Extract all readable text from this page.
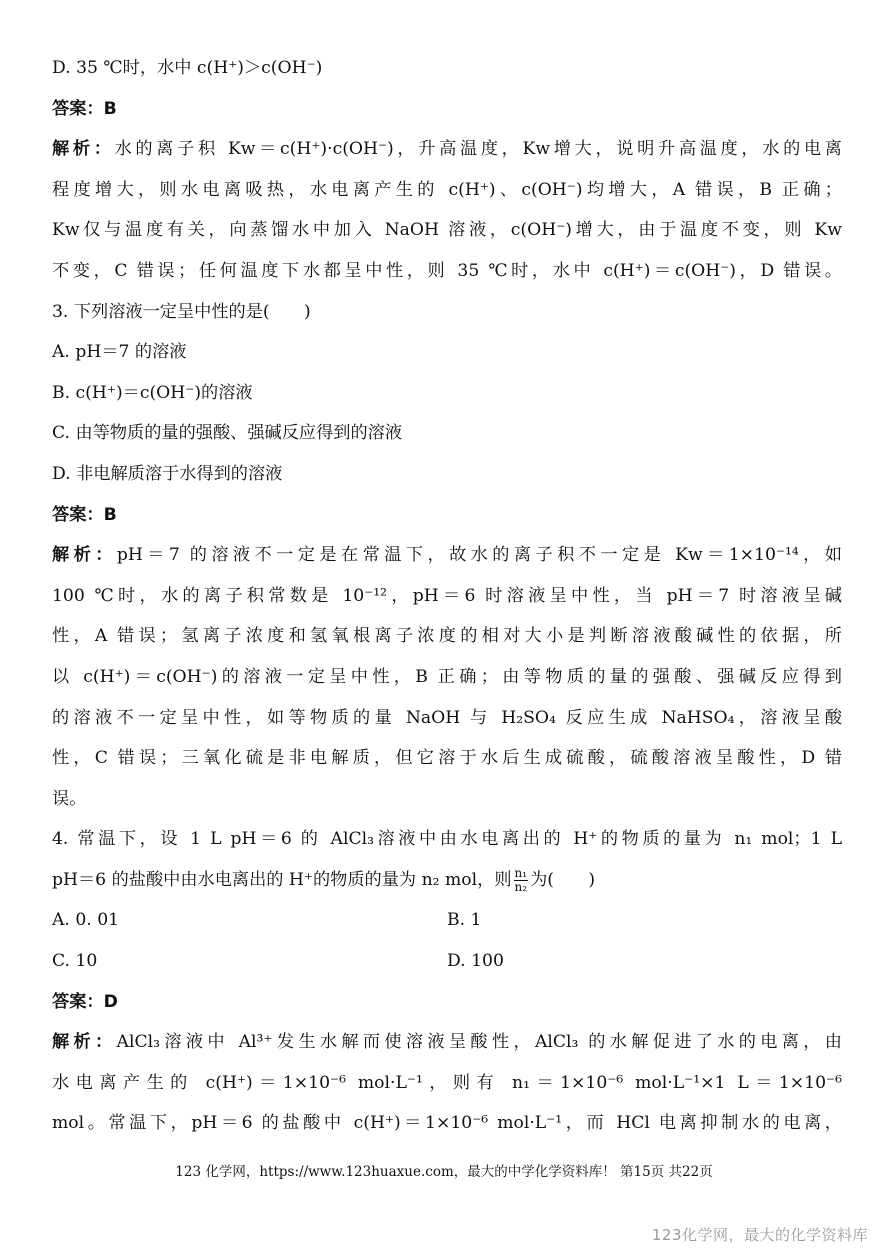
D. 35 ℃时，水中 c(H⁺)＞c(OH⁻)
答案：B
解析：水的离子积 Kw＝c(H⁺)·c(OH⁻)，升高温度，Kw增大，说明升高温度，水的电离
程度增大，则水电离吸热，水电离产生的 c(H⁺)、c(OH⁻)均增大，A 错误，B 正确；
Kw仅与温度有关，向蒸馏水中加入 NaOH 溶液，c(OH⁻)增大，由于温度不变，则 Kw
不变，C 错误；任何温度下水都呈中性，则 35 ℃时，水中 c(H⁺)＝c(OH⁻)，D 错误。
3. 下列溶液一定呈中性的是(　　)
A. pH＝7 的溶液
B. c(H⁺)＝c(OH⁻)的溶液
C. 由等物质的量的强酸、强碱反应得到的溶液
D. 非电解质溶于水得到的溶液
答案：B
解析：pH＝7 的溶液不一定是在常温下，故水的离子积不一定是 Kw＝1×10⁻¹⁴，如
100 ℃时，水的离子积常数是 10⁻¹²，pH＝6 时溶液呈中性，当 pH＝7 时溶液呈碱
性，A 错误；氢离子浓度和氢氧根离子浓度的相对大小是判断溶液酸碱性的依据，所
以 c(H⁺)＝c(OH⁻)的溶液一定呈中性，B 正确；由等物质的量的强酸、强碱反应得到
的溶液不一定呈中性，如等物质的量 NaOH 与 H₂SO₄ 反应生成 NaHSO₄，溶液呈酸
性，C 错误；三氧化硫是非电解质，但它溶于水后生成硫酸，硫酸溶液呈酸性，D 错
误。
4. 常温下，设 1 L pH＝6 的 AlCl₃溶液中由水电离出的 H⁺的物质的量为 n₁ mol；1 L
pH＝6 的盐酸中由水电离出的 H⁺的物质的量为 n₂ mol，则 $\frac{\text{n₁}}{\text{n₂}}$ 为(　　)
A. 0. 01	B. 1
C. 10	D. 100
答案：D
解析：AlCl₃溶液中 Al³⁺发生水解而使溶液呈酸性，AlCl₃ 的水解促进了水的电离，由
水电离产生的 c(H⁺)＝1×10⁻⁶ mol·L⁻¹，则有 n₁＝1×10⁻⁶ mol·L⁻¹×1 L＝1×10⁻⁶
mol。常温下，pH＝6 的盐酸中 c(H⁺)＝1×10⁻⁶ mol·L⁻¹，而 HCl 电离抑制水的电离，
123 化学网，https://www.123huaxue.com，最大的中学化学资料库！ 第15页 共22页
123化学网，最大的化学资料库
